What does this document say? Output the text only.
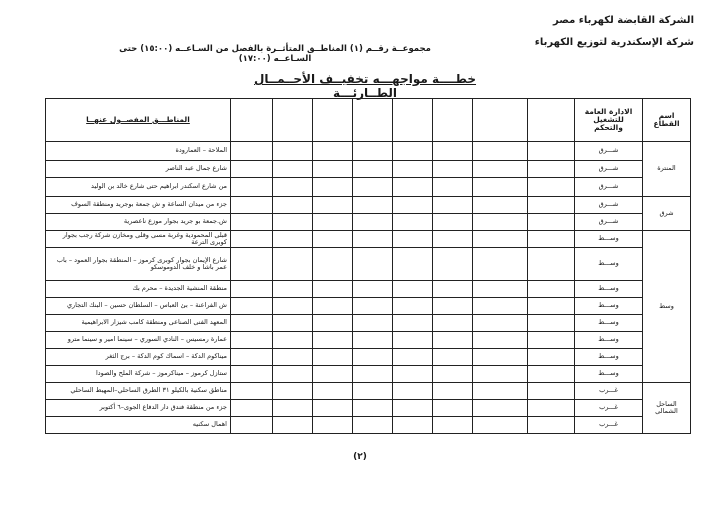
الشركة القابضة لكهرباء مصر
شركة الإسكندرية لتوزيع الكهرباء
مجموعــة رقــم (١) المناطــق المتأثــرة بالفصل من السـاعــه (١٥:٠٠) حتى السـاعــه (١٧:٠٠)
خطــــة مواجهـــه تخفيــف الأحــمــال الطــارئـــة
اسم القطاع	الادارة العامة للتشغيل والتحكم									المناطـــق المفصــول عنهــا
المنترة	شـــرق									الملاحة – العمارودة
	شـــرق									شارع جمال عبد الناصر
	شـــرق									من شارع اسكندر ابراهيم حتى شارع خالد بن الوليد
شرق	شـــرق									جزء من ميدان الساعة و ش جمعة بوجريد ومنطقة السوف
	شـــرق									ش.جمعة بو جريد بجوار موزع ناعصرية
وسط	وســـط									قبلى المحمودية وغربة مسى وقلى ومخازن شركة رجب بجوار كوبرى الترعة
	وســـط									شارع الإيمان بجوار كوبرى كرموز – المنطقة بجوار العمود – باب عمر باشا و خلف الدوموسكو
	وســـط									منطقة المنشية الجديدة – محرم بك
	وســـط									ش الفراعنة – بئ العباس – السلطان حسين – البنك التجاري
	وســـط									المعهد الفنى الصناعى ومنطقة كامب شيزار الابراهيمية
	وســـط									عمارة رمسيس – النادي السوري – سينما امير و سينما مترو
	وســـط									ميناكوم الدكة – اسماك كوم الدكة – برج الثغر
	وســـط									ستازل كرموز – ميناكرموز – شركة الملح والصودا
الساحل الشمالى	غـــرب									مناطق سكنية بالكيلو ٣١ الطرق الساحلي–المهيط الساحلي
	غـــرب									جزء من منطقة فندق دار الدفاع الجوى–٦ أكتوبر
	غـــرب									اهمال سكنيه
(٢)
